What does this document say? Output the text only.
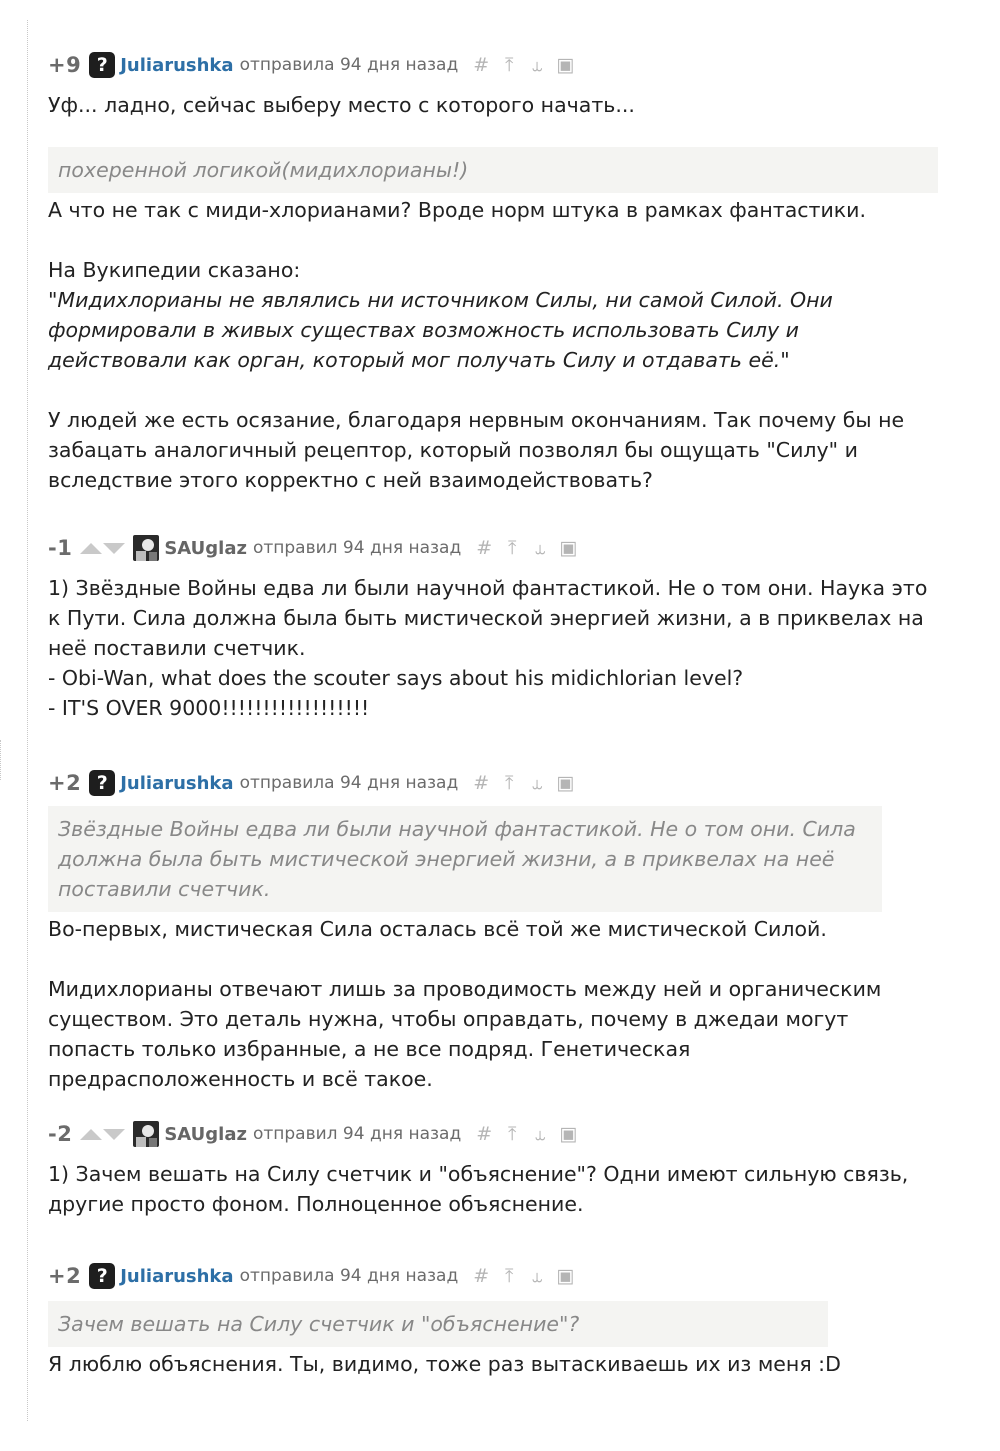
+9 ? Juliarushka отправила 94 дня назад # ⤒ ⥿ ▣
Уф... ладно, сейчас выберу место с которого начать...
похеренной логикой(мидихлорианы!)
А что не так с миди-хлорианами? Вроде норм штука в рамках фантастики.
На Вукипедии сказано:
"Мидихлорианы не являлись ни источником Силы, ни самой Силой. Они формировали в живых существах возможность использовать Силу и действовали как орган, который мог получать Силу и отдавать её."
У людей же есть осязание, благодаря нервным окончаниям. Так почему бы не забацать аналогичный рецептор, который позволял бы ощущать "Силу" и вследствие этого корректно с ней взаимодействовать?
-1	SAUglaz отправил 94 дня назад # ⤒ ⥿ ▣
1) Звёздные Войны едва ли были научной фантастикой. Не о том они. Наука это к Пути. Сила должна была быть мистической энергией жизни, а в приквелах на неё поставили счетчик.
- Obi-Wan, what does the scouter says about his midichlorian level?
- IT'S OVER 9000!!!!!!!!!!!!!!!!!!
+2 ? Juliarushka отправила 94 дня назад # ⤒ ⥿ ▣
Звёздные Войны едва ли были научной фантастикой. Не о том они. Сила должна была быть мистической энергией жизни, а в приквелах на неё поставили счетчик.
Во-первых, мистическая Сила осталась всё той же мистической Силой.

Мидихлорианы отвечают лишь за проводимость между ней и органическим существом. Это деталь нужна, чтобы оправдать, почему в джедаи могут попасть только избранные, а не все подряд. Генетическая предрасположенность и всё такое.
-2	SAUglaz отправил 94 дня назад # ⤒ ⥿ ▣
1) Зачем вешать на Силу счетчик и "объяснение"? Одни имеют сильную связь, другие просто фоном. Полноценное объяснение.
+2 ? Juliarushka отправила 94 дня назад # ⤒ ⥿ ▣
Зачем вешать на Силу счетчик и "объяснение"?
Я люблю объяснения. Ты, видимо, тоже раз вытаскиваешь их из меня :D
